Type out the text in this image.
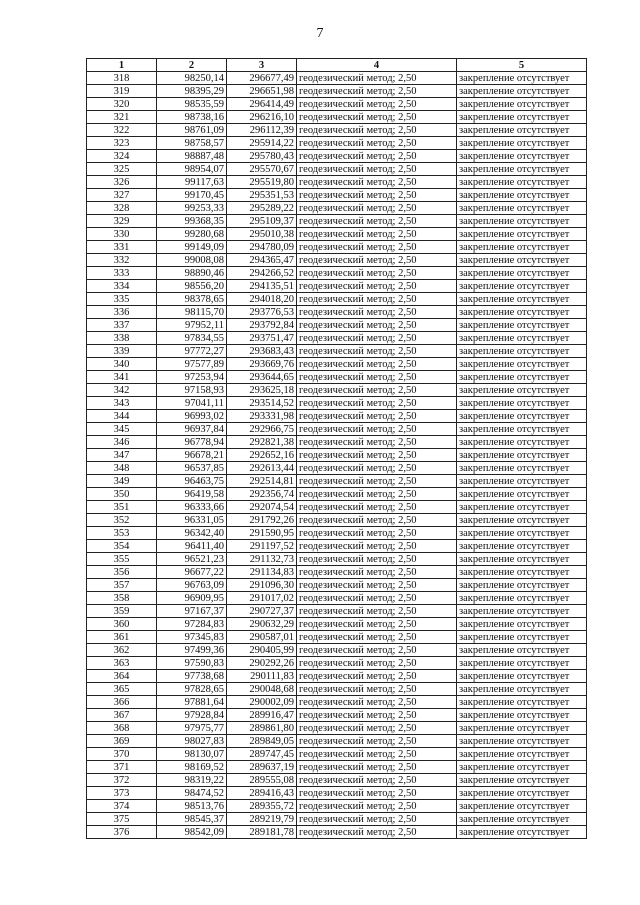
7
1	2	3	4	5
318	98250,14	296677,49	геодезический метод; 2,50	закрепление отсутствует
319	98395,29	296651,98	геодезический метод; 2,50	закрепление отсутствует
320	98535,59	296414,49	геодезический метод; 2,50	закрепление отсутствует
321	98738,16	296216,10	геодезический метод; 2,50	закрепление отсутствует
322	98761,09	296112,39	геодезический метод; 2,50	закрепление отсутствует
323	98758,57	295914,22	геодезический метод; 2,50	закрепление отсутствует
324	98887,48	295780,43	геодезический метод; 2,50	закрепление отсутствует
325	98954,07	295570,67	геодезический метод; 2,50	закрепление отсутствует
326	99117,63	295519,80	геодезический метод; 2,50	закрепление отсутствует
327	99170,45	295351,53	геодезический метод; 2,50	закрепление отсутствует
328	99253,33	295289,22	геодезический метод; 2,50	закрепление отсутствует
329	99368,35	295109,37	геодезический метод; 2,50	закрепление отсутствует
330	99280,68	295010,38	геодезический метод; 2,50	закрепление отсутствует
331	99149,09	294780,09	геодезический метод; 2,50	закрепление отсутствует
332	99008,08	294365,47	геодезический метод; 2,50	закрепление отсутствует
333	98890,46	294266,52	геодезический метод; 2,50	закрепление отсутствует
334	98556,20	294135,51	геодезический метод; 2,50	закрепление отсутствует
335	98378,65	294018,20	геодезический метод; 2,50	закрепление отсутствует
336	98115,70	293776,53	геодезический метод; 2,50	закрепление отсутствует
337	97952,11	293792,84	геодезический метод; 2,50	закрепление отсутствует
338	97834,55	293751,47	геодезический метод; 2,50	закрепление отсутствует
339	97772,27	293683,43	геодезический метод; 2,50	закрепление отсутствует
340	97577,89	293669,76	геодезический метод; 2,50	закрепление отсутствует
341	97253,94	293644,65	геодезический метод; 2,50	закрепление отсутствует
342	97158,93	293625,18	геодезический метод; 2,50	закрепление отсутствует
343	97041,11	293514,52	геодезический метод; 2,50	закрепление отсутствует
344	96993,02	293331,98	геодезический метод; 2,50	закрепление отсутствует
345	96937,84	292966,75	геодезический метод; 2,50	закрепление отсутствует
346	96778,94	292821,38	геодезический метод; 2,50	закрепление отсутствует
347	96678,21	292652,16	геодезический метод; 2,50	закрепление отсутствует
348	96537,85	292613,44	геодезический метод; 2,50	закрепление отсутствует
349	96463,75	292514,81	геодезический метод; 2,50	закрепление отсутствует
350	96419,58	292356,74	геодезический метод; 2,50	закрепление отсутствует
351	96333,66	292074,54	геодезический метод; 2,50	закрепление отсутствует
352	96331,05	291792,26	геодезический метод; 2,50	закрепление отсутствует
353	96342,40	291590,95	геодезический метод; 2,50	закрепление отсутствует
354	96411,40	291197,52	геодезический метод; 2,50	закрепление отсутствует
355	96521,23	291132,73	геодезический метод; 2,50	закрепление отсутствует
356	96677,22	291134,83	геодезический метод; 2,50	закрепление отсутствует
357	96763,09	291096,30	геодезический метод; 2,50	закрепление отсутствует
358	96909,95	291017,02	геодезический метод; 2,50	закрепление отсутствует
359	97167,37	290727,37	геодезический метод; 2,50	закрепление отсутствует
360	97284,83	290632,29	геодезический метод; 2,50	закрепление отсутствует
361	97345,83	290587,01	геодезический метод; 2,50	закрепление отсутствует
362	97499,36	290405,99	геодезический метод; 2,50	закрепление отсутствует
363	97590,83	290292,26	геодезический метод; 2,50	закрепление отсутствует
364	97738,68	290111,83	геодезический метод; 2,50	закрепление отсутствует
365	97828,65	290048,68	геодезический метод; 2,50	закрепление отсутствует
366	97881,64	290002,09	геодезический метод; 2,50	закрепление отсутствует
367	97928,84	289916,47	геодезический метод; 2,50	закрепление отсутствует
368	97975,77	289861,80	геодезический метод; 2,50	закрепление отсутствует
369	98027,83	289849,05	геодезический метод; 2,50	закрепление отсутствует
370	98130,07	289747,45	геодезический метод; 2,50	закрепление отсутствует
371	98169,52	289637,19	геодезический метод; 2,50	закрепление отсутствует
372	98319,22	289555,08	геодезический метод; 2,50	закрепление отсутствует
373	98474,52	289416,43	геодезический метод; 2,50	закрепление отсутствует
374	98513,76	289355,72	геодезический метод; 2,50	закрепление отсутствует
375	98545,37	289219,79	геодезический метод; 2,50	закрепление отсутствует
376	98542,09	289181,78	геодезический метод; 2,50	закрепление отсутствует
